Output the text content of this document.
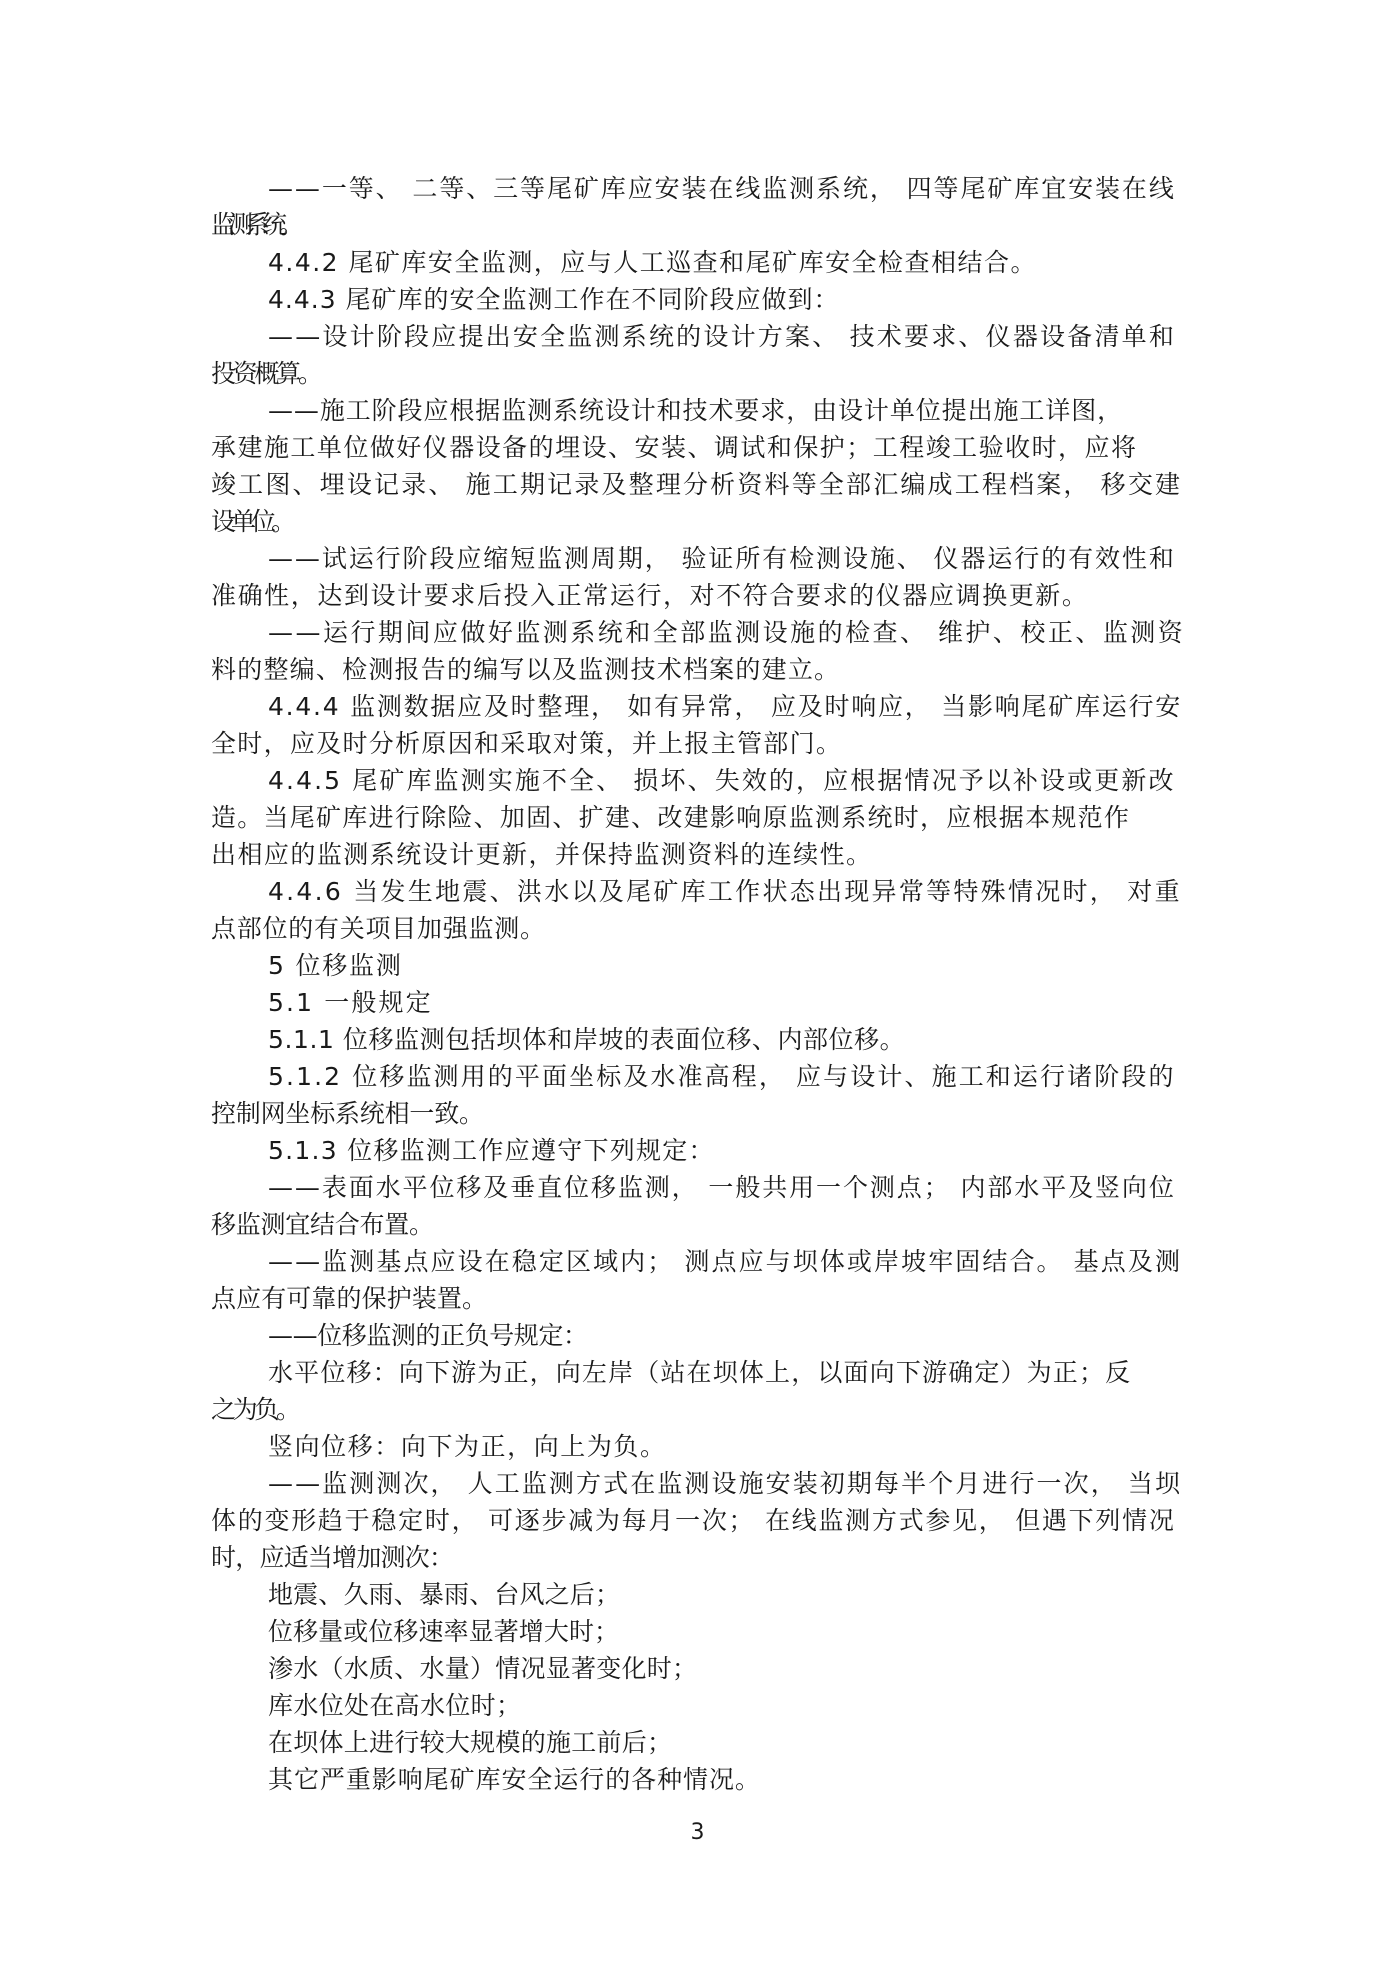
——一等、 二等、三等尾矿库应安装在线监测系统， 四等尾矿库宜安装在线
监测系统。
4.4.2 尾矿库安全监测，应与人工巡查和尾矿库安全检查相结合。
4.4.3 尾矿库的安全监测工作在不同阶段应做到：
——设计阶段应提出安全监测系统的设计方案、 技术要求、仪器设备清单和
投资概算。
——施工阶段应根据监测系统设计和技术要求，由设计单位提出施工详图，
承建施工单位做好仪器设备的埋设、安装、调试和保护；工程竣工验收时，应将
竣工图、埋设记录、 施工期记录及整理分析资料等全部汇编成工程档案， 移交建
设单位。
——试运行阶段应缩短监测周期， 验证所有检测设施、 仪器运行的有效性和
准确性，达到设计要求后投入正常运行，对不符合要求的仪器应调换更新。
——运行期间应做好监测系统和全部监测设施的检查、 维护、校正、监测资
料的整编、检测报告的编写以及监测技术档案的建立。
4.4.4 监测数据应及时整理， 如有异常， 应及时响应， 当影响尾矿库运行安
全时，应及时分析原因和采取对策，并上报主管部门。
4.4.5 尾矿库监测实施不全、 损坏、失效的，应根据情况予以补设或更新改
造。当尾矿库进行除险、加固、扩建、改建影响原监测系统时，应根据本规范作
出相应的监测系统设计更新，并保持监测资料的连续性。
4.4.6 当发生地震、洪水以及尾矿库工作状态出现异常等特殊情况时， 对重
点部位的有关项目加强监测。
5 位移监测
5.1 一般规定
5.1.1 位移监测包括坝体和岸坡的表面位移、内部位移。
5.1.2 位移监测用的平面坐标及水准高程， 应与设计、施工和运行诸阶段的
控制网坐标系统相一致。
5.1.3 位移监测工作应遵守下列规定：
——表面水平位移及垂直位移监测， 一般共用一个测点； 内部水平及竖向位
移监测宜结合布置。
——监测基点应设在稳定区域内； 测点应与坝体或岸坡牢固结合。 基点及测
点应有可靠的保护装置。
——位移监测的正负号规定：
水平位移：向下游为正，向左岸（站在坝体上，以面向下游确定）为正；反
之为负。
竖向位移：向下为正，向上为负。
——监测测次， 人工监测方式在监测设施安装初期每半个月进行一次， 当坝
体的变形趋于稳定时， 可逐步减为每月一次； 在线监测方式参见， 但遇下列情况
时，应适当增加测次：
地震、久雨、暴雨、台风之后；
位移量或位移速率显著增大时；
渗水（水质、水量）情况显著变化时；
库水位处在高水位时；
在坝体上进行较大规模的施工前后；
其它严重影响尾矿库安全运行的各种情况。
3
